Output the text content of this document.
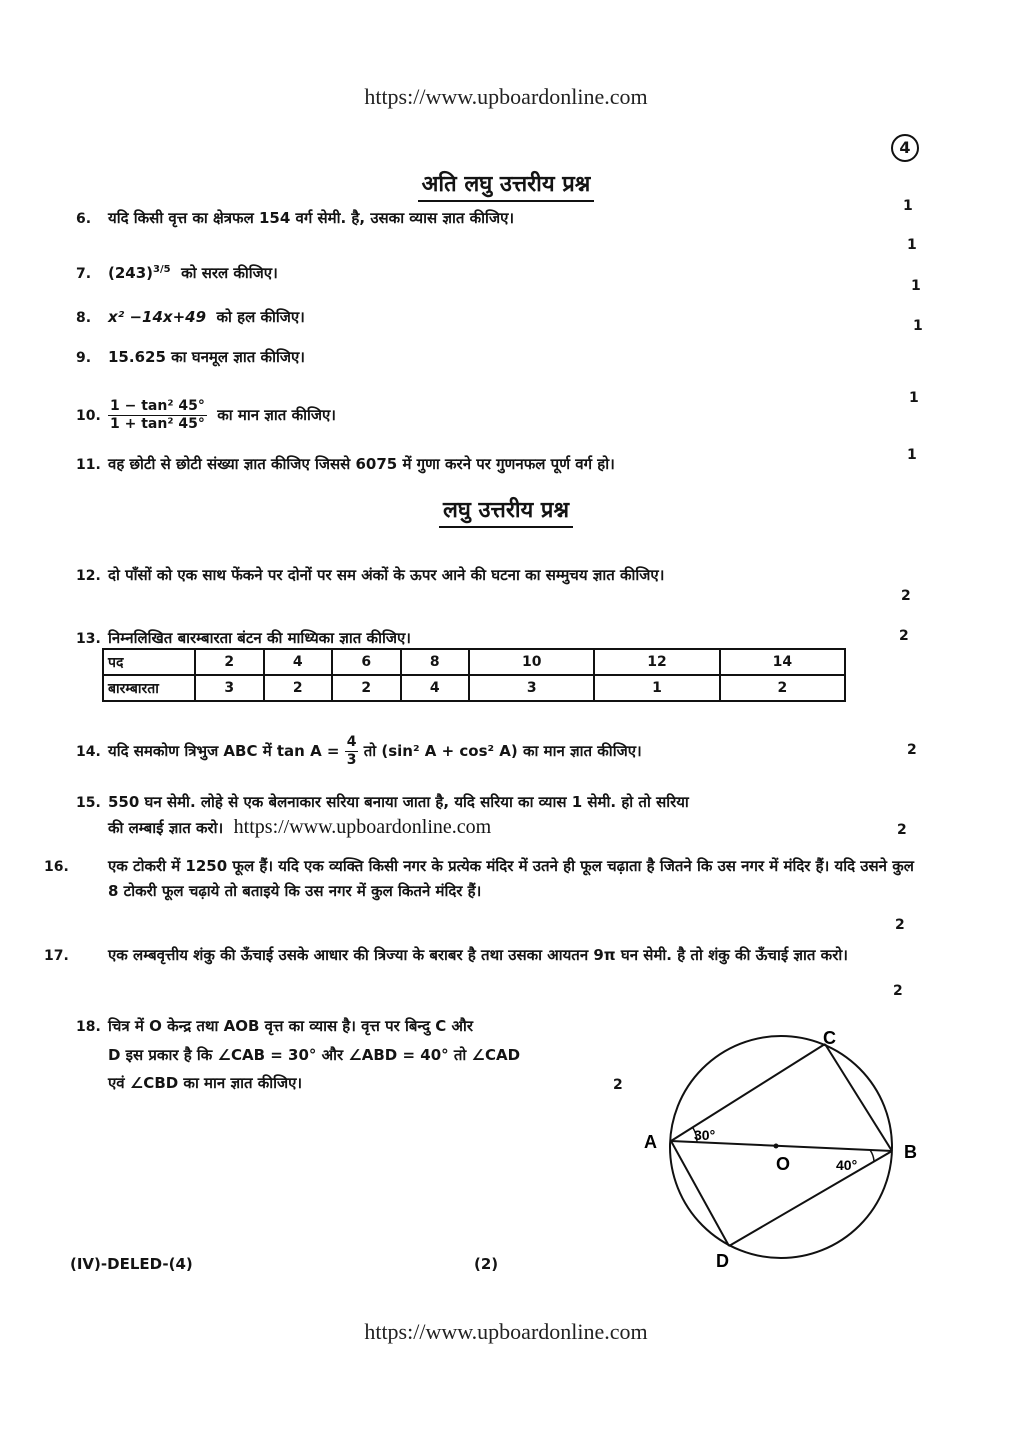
https://www.upboardonline.com
4
अति लघु उत्तरीय प्रश्न
6. यदि किसी वृत्त का क्षेत्रफल 154 वर्ग सेमी. है, उसका व्यास ज्ञात कीजिए।
1
7. $(243)^{3/5}$ को सरल कीजिए।
1
8. x² −14x+49 को हल कीजिए।
1
9. 15.625 का घनमूल ज्ञात कीजिए।
1
10. $\frac{\text{1 − tan² 45°}}{\text{1 + tan² 45°}}$ का मान ज्ञात कीजिए।
1
11. वह छोटी से छोटी संख्या ज्ञात कीजिए जिससे 6075 में गुणा करने पर गुणनफल पूर्ण वर्ग हो।	1
लघु उत्तरीय प्रश्न
12. दो पाँसों को एक साथ फेंकने पर दोनों पर सम अंकों के ऊपर आने की घटना का सम्मुचय ज्ञात कीजिए।
2
13. निम्नलिखित बारम्बारता बंटन की माध्यिका ज्ञात कीजिए।	2
पद	2	4	6	8	10	12	14
बारम्बारता	3	2	2	4	3	1	2
14. यदि समकोण त्रिभुज ABC में $\tan A = \frac{4}{3}$ तो (sin² A + cos² A) का मान ज्ञात कीजिए।	2
15. 550 घन सेमी. लोहे से एक बेलनाकार सरिया बनाया जाता है, यदि सरिया का व्यास 1 सेमी. हो तो सरिया
की लम्बाई ज्ञात करो। https://www.upboardonline.com	2
16.	एक टोकरी में 1250 फूल हैं। यदि एक व्यक्ति किसी नगर के प्रत्येक मंदिर में उतने ही फूल चढ़ाता है जितने कि उस नगर में मंदिर हैं। यदि उसने कुल 8 टोकरी फूल चढ़ाये तो बताइये कि उस नगर में कुल कितने मंदिर हैं।
2
17.	एक लम्बवृत्तीय शंकु की ऊँचाई उसके आधार की त्रिज्या के बराबर है तथा उसका आयतन 9π घन सेमी. है तो शंकु की ऊँचाई ज्ञात करो।
2
18. चित्र में O केन्द्र तथा AOB वृत्त का व्यास है। वृत्त पर बिन्दु C और
D इस प्रकार है कि ∠CAB = 30° और ∠ABD = 40° तो ∠CAD
एवं ∠CBD का मान ज्ञात कीजिए।	2
A	B
C
D
O
30°
40°
(IV)-DELED-(4)	(2)
https://www.upboardonline.com
